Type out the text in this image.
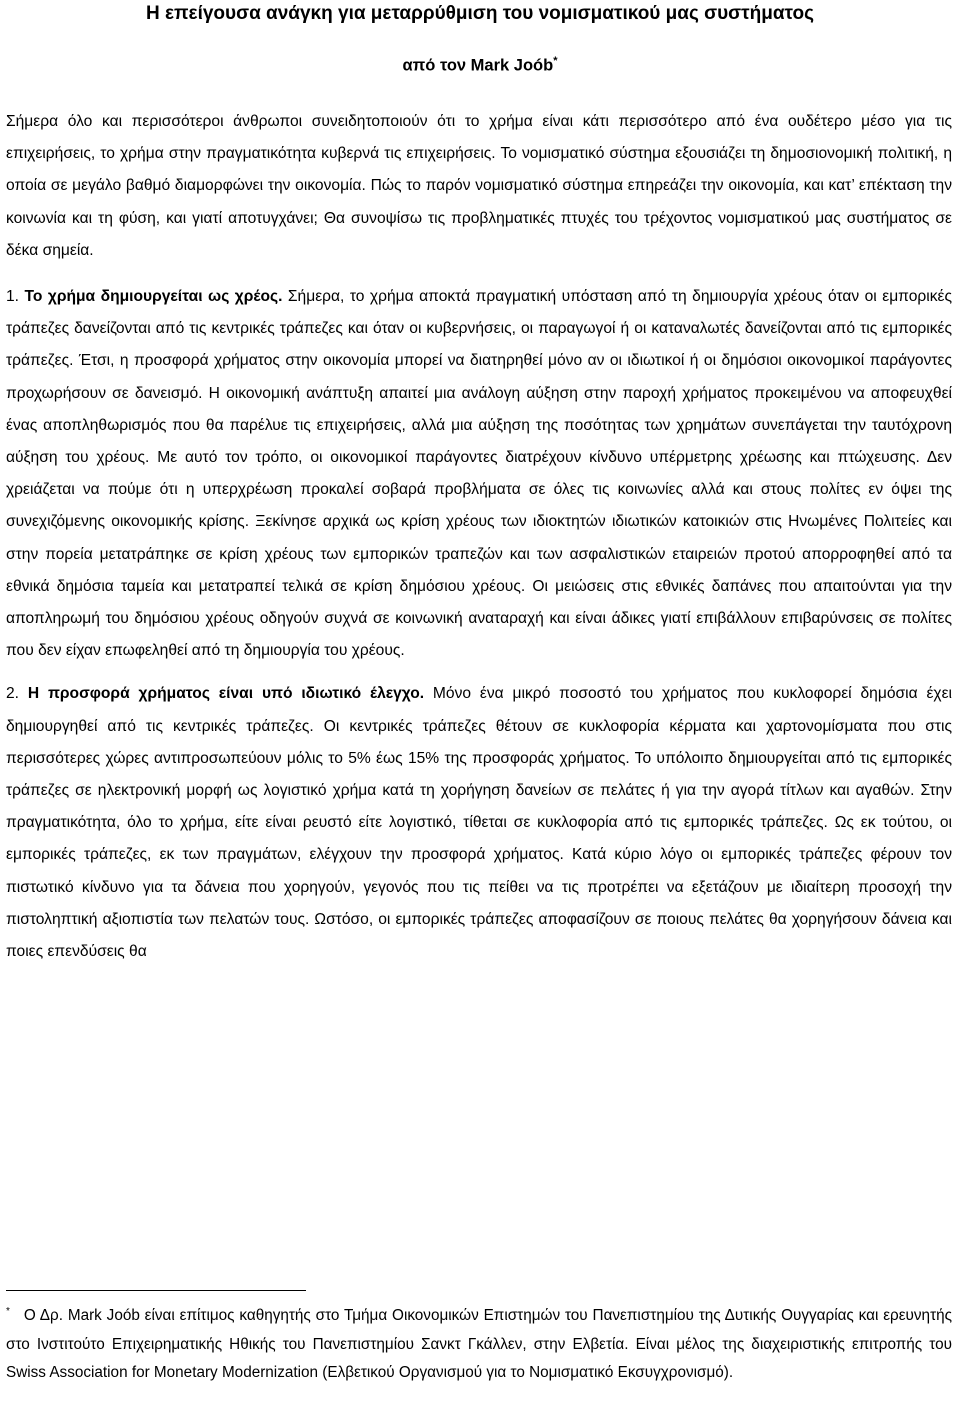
Η επείγουσα ανάγκη για μεταρρύθμιση του νομισματικού μας συστήματος
από τον Mark Joób*

Σήμερα όλο και περισσότεροι άνθρωποι συνειδητοποιούν ότι το χρήμα είναι κάτι περισσότερο από ένα ουδέτερο μέσο για τις επιχειρήσεις, το χρήμα στην πραγματικότητα κυβερνά τις επιχειρήσεις. Το νομισματικό σύστημα εξουσιάζει τη δημοσιονομική πολιτική, η οποία σε μεγάλο βαθμό διαμορφώνει την οικονομία. Πώς το παρόν νομισματικό σύστημα επηρεάζει την οικονομία, και κατ’ επέκταση την κοινωνία και τη φύση, και γιατί αποτυγχάνει; Θα συνοψίσω τις προβληματικές πτυχές του τρέχοντος νομισματικού μας συστήματος σε δέκα σημεία.

1. Το χρήμα δημιουργείται ως χρέος. Σήμερα, το χρήμα αποκτά πραγματική υπόσταση από τη δημιουργία χρέους όταν οι εμπορικές τράπεζες δανείζονται από τις κεντρικές τράπεζες και όταν οι κυβερνήσεις, οι παραγωγοί ή οι καταναλωτές δανείζονται από τις εμπορικές τράπεζες. Έτσι, η προσφορά χρήματος στην οικονομία μπορεί να διατηρηθεί μόνο αν οι ιδιωτικοί ή οι δημόσιοι οικονομικοί παράγοντες προχωρήσουν σε δανεισμό. Η οικονομική ανάπτυξη απαιτεί μια ανάλογη αύξηση στην παροχή χρήματος προκειμένου να αποφευχθεί ένας αποπληθωρισμός που θα παρέλυε τις επιχειρήσεις, αλλά μια αύξηση της ποσότητας των χρημάτων συνεπάγεται την ταυτόχρονη αύξηση του χρέους. Με αυτό τον τρόπο, οι οικονομικοί παράγοντες διατρέχουν κίνδυνο υπέρμετρης χρέωσης και πτώχευσης. Δεν χρειάζεται να πούμε ότι η υπερχρέωση προκαλεί σοβαρά προβλήματα σε όλες τις κοινωνίες αλλά και στους πολίτες εν όψει της συνεχιζόμενης οικονομικής κρίσης. Ξεκίνησε αρχικά ως κρίση χρέους των ιδιοκτητών ιδιωτικών κατοικιών στις Ηνωμένες Πολιτείες και στην πορεία μετατράπηκε σε κρίση χρέους των εμπορικών τραπεζών και των ασφαλιστικών εταιρειών προτού απορροφηθεί από τα εθνικά δημόσια ταμεία και μετατραπεί τελικά σε κρίση δημόσιου χρέους. Οι μειώσεις στις εθνικές δαπάνες που απαιτούνται για την αποπληρωμή του δημόσιου χρέους οδηγούν συχνά σε κοινωνική αναταραχή και είναι άδικες γιατί επιβάλλουν επιβαρύνσεις σε πολίτες που δεν είχαν επωφεληθεί από τη δημιουργία του χρέους.

2. Η προσφορά χρήματος είναι υπό ιδιωτικό έλεγχο. Μόνο ένα μικρό ποσοστό του χρήματος που κυκλοφορεί δημόσια έχει δημιουργηθεί από τις κεντρικές τράπεζες. Οι κεντρικές τράπεζες θέτουν σε κυκλοφορία κέρματα και χαρτονομίσματα που στις περισσότερες χώρες αντιπροσωπεύουν μόλις το 5% έως 15% της προσφοράς χρήματος. Το υπόλοιπο δημιουργείται από τις εμπορικές τράπεζες σε ηλεκτρονική μορφή ως λογιστικό χρήμα κατά τη χορήγηση δανείων σε πελάτες ή για την αγορά τίτλων και αγαθών. Στην πραγματικότητα, όλο το χρήμα, είτε είναι ρευστό είτε λογιστικό, τίθεται σε κυκλοφορία από τις εμπορικές τράπεζες. Ως εκ τούτου, οι εμπορικές τράπεζες, εκ των πραγμάτων, ελέγχουν την προσφορά χρήματος. Κατά κύριο λόγο οι εμπορικές τράπεζες φέρουν τον πιστωτικό κίνδυνο για τα δάνεια που χορηγούν, γεγονός που τις πείθει να τις προτρέπει να εξετάζουν με ιδιαίτερη προσοχή την πιστοληπτική αξιοπιστία των πελατών τους. Ωστόσο, οι εμπορικές τράπεζες αποφασίζουν σε ποιους πελάτες θα χορηγήσουν δάνεια και ποιες επενδύσεις θα

* Ο Δρ. Mark Joób είναι επίτιμος καθηγητής στο Τμήμα Οικονομικών Επιστημών του Πανεπιστημίου της Δυτικής Ουγγαρίας και ερευνητής στο Ινστιτούτο Επιχειρηματικής Ηθικής του Πανεπιστημίου Σανκτ Γκάλλεν, στην Ελβετία. Είναι μέλος της διαχειριστικής επιτροπής του Swiss Association for Monetary Modernization (Ελβετικού Οργανισμού για το Νομισματικό Εκσυγχρονισμό).
